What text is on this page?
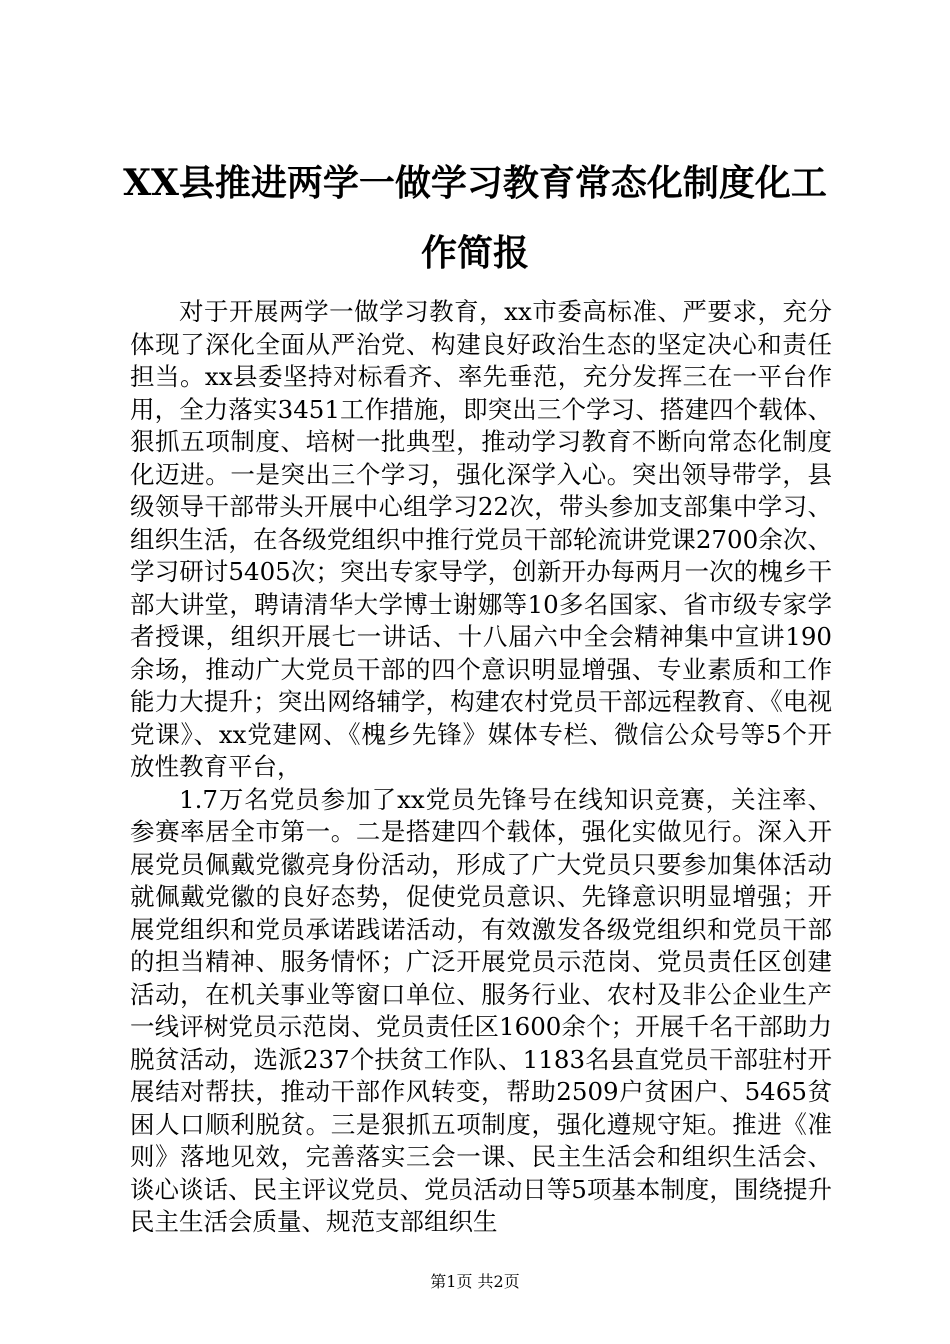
XX县推进两学一做学习教育常态化制度化工
作简报

对于开展两学一做学习教育，xx市委高标准、严要求，充分体现了深化全面从严治党、构建良好政治生态的坚定决心和责任担当。xx县委坚持对标看齐、率先垂范，充分发挥三在一平台作用，全力落实3451工作措施，即突出三个学习、搭建四个载体、狠抓五项制度、培树一批典型，推动学习教育不断向常态化制度化迈进。一是突出三个学习，强化深学入心。突出领导带学，县级领导干部带头开展中心组学习22次，带头参加支部集中学习、组织生活，在各级党组织中推行党员干部轮流讲党课2700余次、学习研讨5405次；突出专家导学，创新开办每两月一次的槐乡干部大讲堂，聘请清华大学博士谢娜等10多名国家、省市级专家学者授课，组织开展七一讲话、十八届六中全会精神集中宣讲190余场，推动广大党员干部的四个意识明显增强、专业素质和工作能力大提升；突出网络辅学，构建农村党员干部远程教育、《电视党课》、xx党建网、《槐乡先锋》媒体专栏、微信公众号等5个开放性教育平台，

1.7万名党员参加了xx党员先锋号在线知识竞赛，关注率、参赛率居全市第一。二是搭建四个载体，强化实做见行。深入开展党员佩戴党徽亮身份活动，形成了广大党员只要参加集体活动就佩戴党徽的良好态势，促使党员意识、先锋意识明显增强；开展党组织和党员承诺践诺活动，有效激发各级党组织和党员干部的担当精神、服务情怀；广泛开展党员示范岗、党员责任区创建活动，在机关事业等窗口单位、服务行业、农村及非公企业生产一线评树党员示范岗、党员责任区1600余个；开展千名干部助力脱贫活动，选派237个扶贫工作队、1183名县直党员干部驻村开展结对帮扶，推动干部作风转变，帮助2509户贫困户、5465贫困人口顺利脱贫。三是狠抓五项制度，强化遵规守矩。推进《准则》落地见效，完善落实三会一课、民主生活会和组织生活会、谈心谈话、民主评议党员、党员活动日等5项基本制度，围绕提升民主生活会质量、规范支部组织生

第1页 共2页
